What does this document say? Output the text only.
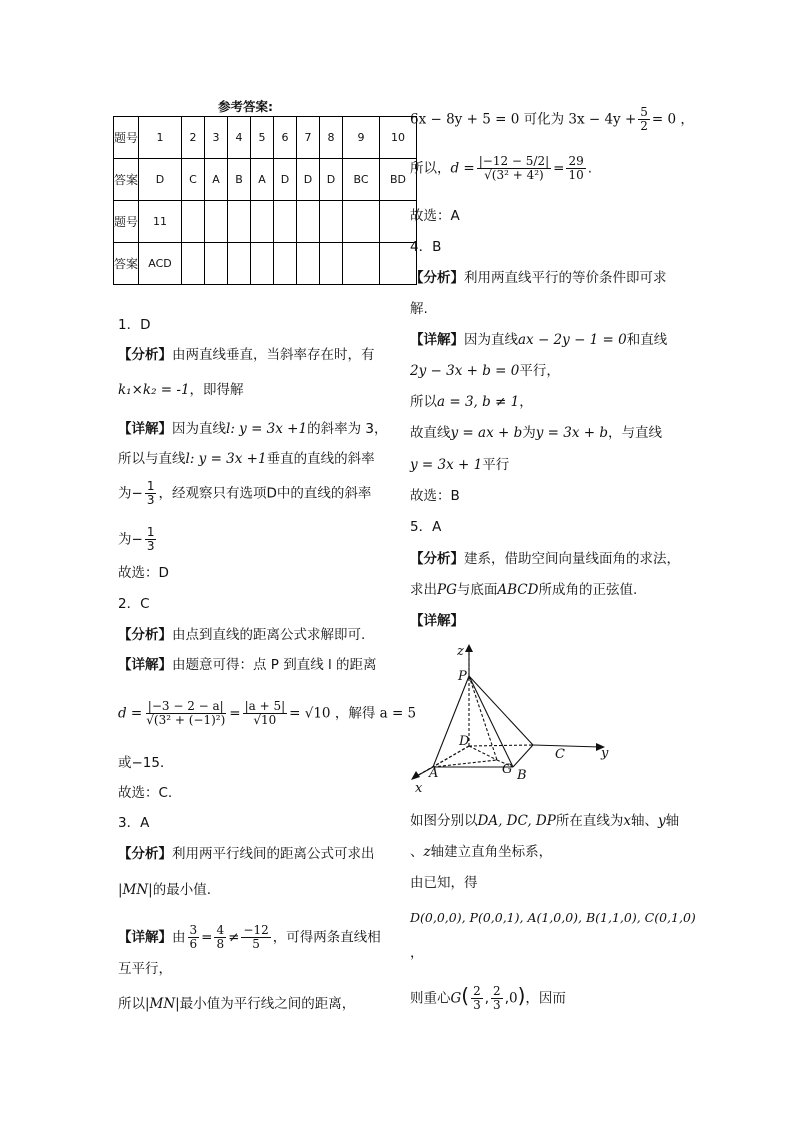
参考答案:
题号	1	2	3	4	5	6	7	8	9	10
答案	D	C	A	B	A	D	D	D	BC	BD
题号	11									
答案	ACD									
1．D
【分析】由两直线垂直，当斜率存在时，有
k₁×k₂ = -1，即得解
【详解】因为直线l: y = 3x +1的斜率为 3，
所以与直线l: y = 3x +1垂直的直线的斜率
为− $\frac{1}{3}$ ，经观察只有选项D中的直线的斜率
为− $\frac{1}{3}$
故选：D
2．C
【分析】由点到直线的距离公式求解即可.
【详解】由题意可得：点 P 到直线 l 的距离
$d = \frac{|-3 - 2 - a|}{\text{√(3² + (−1)²)}} = \frac{|a + 5|}{√10} = √10$ ，解得 a = 5
或−15．
故选：C.
3．A
【分析】利用两平行线间的距离公式可求出
|MN|的最小值.
【详解】由 $\frac{3}{6} = \frac{4}{8} \ne \frac{-12}{5}$ ，可得两条直线相
互平行，
所以|MN|最小值为平行线之间的距离，
6x − 8y + 5 = 0 可化为 $3x - 4y + \frac{5}{2} = 0$ ，
所以，$d = \frac{|-12 - 5/2|}{\text{√(3² + 4²)}} = \frac{29}{10}$ .
故选：A
4．B
【分析】利用两直线平行的等价条件即可求
解.
【详解】因为直线ax − 2y − 1 = 0和直线
2y − 3x + b = 0平行，
所以a = 3, b ≠ 1，
故直线y = ax + b为y = 3x + b，与直线
y = 3x + 1平行
故选：B
5．A
【分析】建系，借助空间向量线面角的求法，
求出PG与底面ABCD所成角的正弦值.
【详解】
z
P
D
C	y
G B
A
x
如图分别以DA, DC, DP所在直线为x轴、y轴
、z轴建立直角坐标系，
由已知，得
D(0,0,0), P(0,0,1), A(1,0,0), B(1,1,0), C(0,1,0)
，
则重心$G( \frac{2}{3}$ , $\frac{2}{3} ,0$)，因而
